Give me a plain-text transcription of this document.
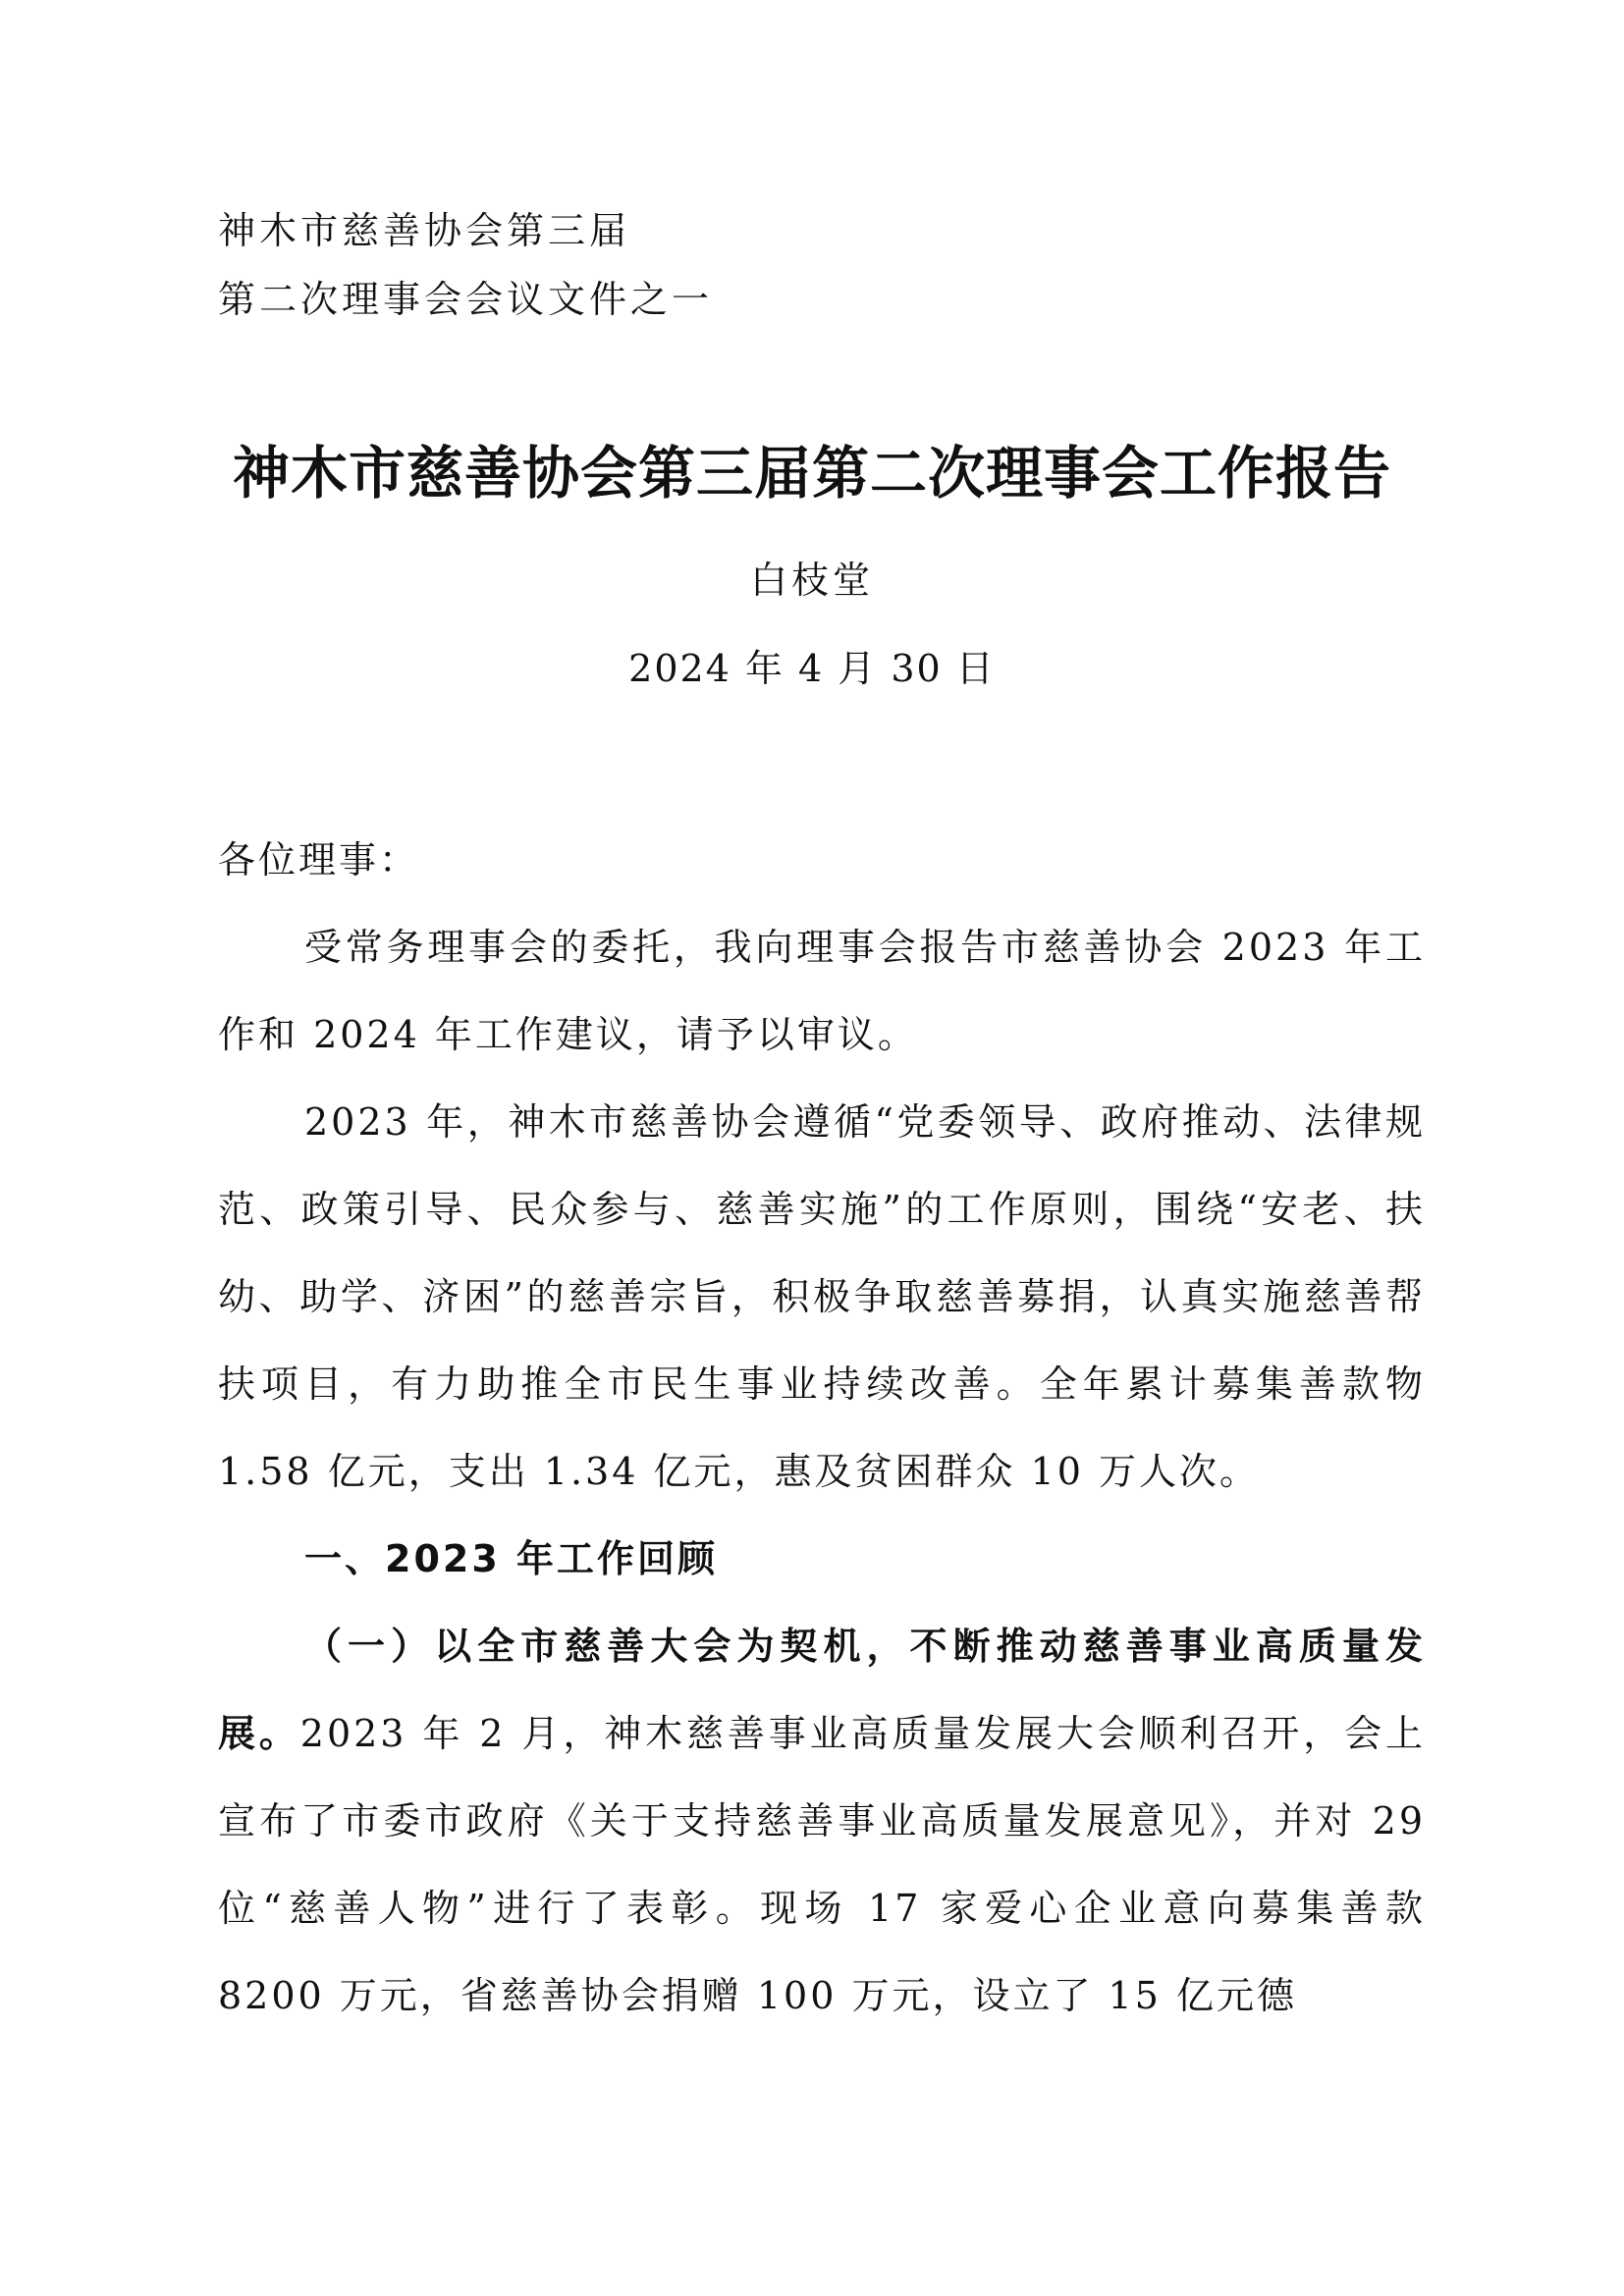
神木市慈善协会第三届
第二次理事会会议文件之一
神木市慈善协会第三届第二次理事会工作报告
白枝堂
2024 年 4 月 30 日

各位理事：

受常务理事会的委托，我向理事会报告市慈善协会 2023 年工作和 2024 年工作建议，请予以审议。

2023 年，神木市慈善协会遵循“党委领导、政府推动、法律规范、政策引导、民众参与、慈善实施”的工作原则，围绕“安老、扶幼、助学、济困”的慈善宗旨，积极争取慈善募捐，认真实施慈善帮扶项目，有力助推全市民生事业持续改善。全年累计募集善款物 1.58 亿元，支出 1.34 亿元，惠及贫困群众 10 万人次。

一、2023 年工作回顾

（一）以全市慈善大会为契机，不断推动慈善事业高质量发展。2023 年 2 月，神木慈善事业高质量发展大会顺利召开，会上宣布了市委市政府《关于支持慈善事业高质量发展意见》，并对 29 位“慈善人物”进行了表彰。现场 17 家爱心企业意向募集善款 8200 万元，省慈善协会捐赠 100 万元，设立了 15 亿元德
